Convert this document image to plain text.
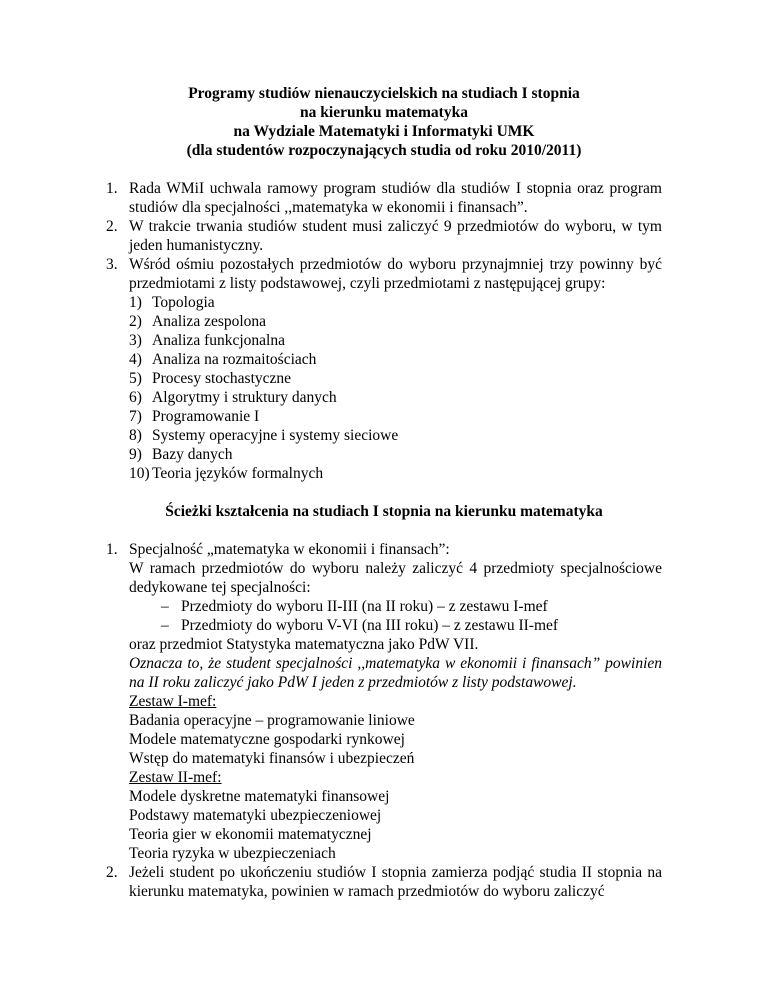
Programy studiów nienauczycielskich na studiach I stopnia
na kierunku matematyka
na Wydziale Matematyki i Informatyki UMK
(dla studentów rozpoczynających studia od roku 2010/2011)
1. Rada WMiI uchwala ramowy program studiów dla studiów I stopnia oraz program studiów dla specjalności ,,matematyka w ekonomii i finansach”.
2. W trakcie trwania studiów student musi zaliczyć 9 przedmiotów do wyboru, w tym jeden humanistyczny.
3. Wśród ośmiu pozostałych przedmiotów do wyboru przynajmniej trzy powinny być przedmiotami z listy podstawowej, czyli przedmiotami z następującej grupy:
1) Topologia
2) Analiza zespolona
3) Analiza funkcjonalna
4) Analiza na rozmaitościach
5) Procesy stochastyczne
6) Algorytmy i struktury danych
7) Programowanie I
8) Systemy operacyjne i systemy sieciowe
9) Bazy danych
10) Teoria języków formalnych
Ścieżki kształcenia na studiach I stopnia na kierunku matematyka
1. Specjalność „matematyka w ekonomii i finansach”:
W ramach przedmiotów do wyboru należy zaliczyć 4 przedmioty specjalnościowe dedykowane tej specjalności:
– Przedmioty do wyboru II-III (na II roku) – z zestawu I-mef
– Przedmioty do wyboru V-VI (na III roku) – z zestawu II-mef
oraz przedmiot Statystyka matematyczna jako PdW VII.
Oznacza to, że student specjalności ,,matematyka w ekonomii i finansach” powinien na II roku zaliczyć jako PdW I jeden z przedmiotów z listy podstawowej.
Zestaw I-mef:
Badania operacyjne – programowanie liniowe
Modele matematyczne gospodarki rynkowej
Wstęp do matematyki finansów i ubezpieczeń
Zestaw II-mef:
Modele dyskretne matematyki finansowej
Podstawy matematyki ubezpieczeniowej
Teoria gier w ekonomii matematycznej
Teoria ryzyka w ubezpieczeniach
2. Jeżeli student po ukończeniu studiów I stopnia zamierza podjąć studia II stopnia na kierunku matematyka, powinien w ramach przedmiotów do wyboru zaliczyć
